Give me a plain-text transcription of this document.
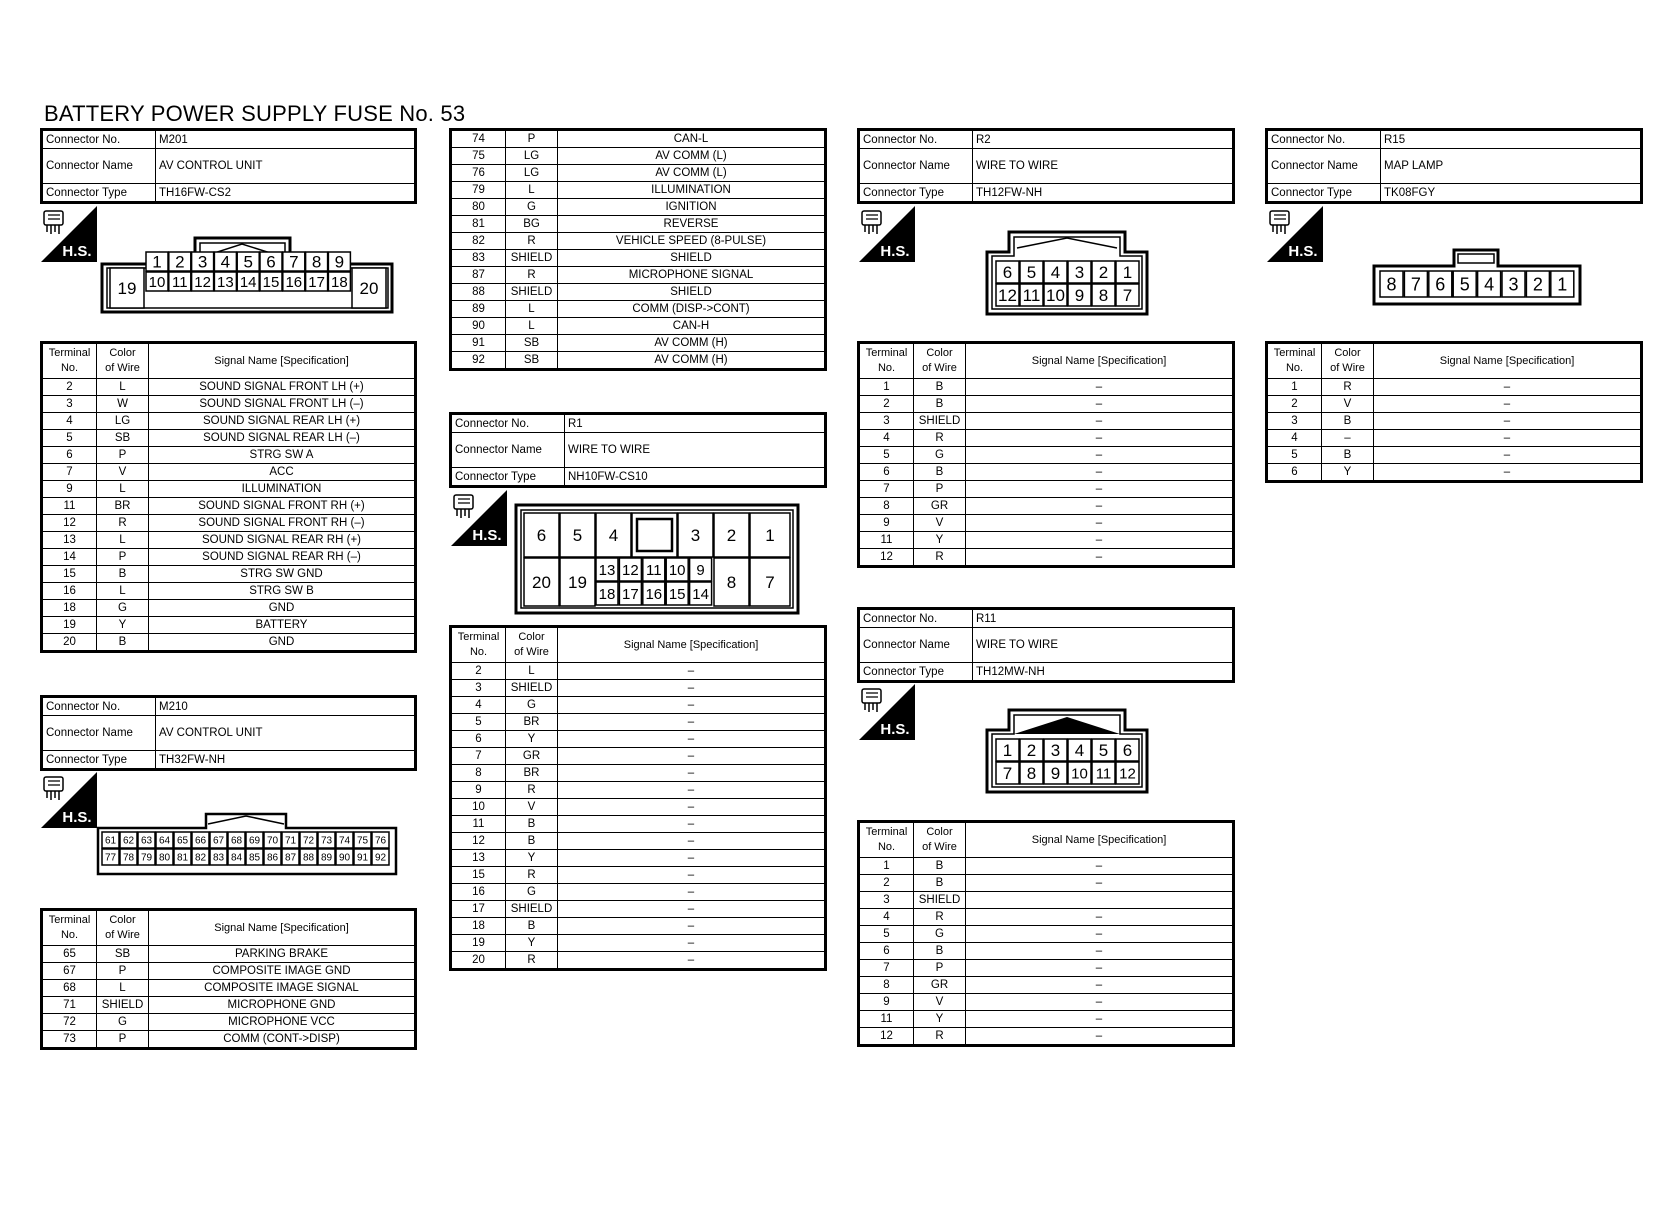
BATTERY POWER SUPPLY FUSE No. 53
Connector No.	M201
Connector Name	AV CONTROL UNIT
Connector Type	TH16FW-CS2
Connector No.	M210
Connector Name	AV CONTROL UNIT
Connector Type	TH32FW-NH
Connector No.	R1
Connector Name	WIRE TO WIRE
Connector Type	NH10FW-CS10
Connector No.	R2
Connector Name	WIRE TO WIRE
Connector Type	TH12FW-NH
Connector No.	R11
Connector Name	WIRE TO WIRE
Connector Type	TH12MW-NH
Connector No.	R15
Connector Name	MAP LAMP
Connector Type	TK08FGY
H.S.
H.S.
H.S.
H.S.
H.S.
H.S.
19	20
1 2 3 4 5 6 7 8 9
10 11 12 13 14 15 16 17 18
61 62 63 64 65 66 67 68 69 70 71 72 73 74 75 76
77 78 79 80 81 82 83 84 85 86 87 88 89 90 91 92
6 5 4	3 2 1
20 19
13 12 11 10 9
18 17 16 15 14
8 7
6 5 4 3 2 1
12 11 10 9 8 7
1 2 3 4 5 6
7 8 9 10 11 12
8 7 6 5 4 3 2 1
Terminal
No.	Color
of Wire	Signal Name [Specification]
2	L	SOUND SIGNAL FRONT LH (+)
3	W	SOUND SIGNAL FRONT LH (–)
4	LG	SOUND SIGNAL REAR LH (+)
5	SB	SOUND SIGNAL REAR LH (–)
6	P	STRG SW A
7	V	ACC
9	L	ILLUMINATION
11	BR	SOUND SIGNAL FRONT RH (+)
12	R	SOUND SIGNAL FRONT RH (–)
13	L	SOUND SIGNAL REAR RH (+)
14	P	SOUND SIGNAL REAR RH (–)
15	B	STRG SW GND
16	L	STRG SW B
18	G	GND
19	Y	BATTERY
20	B	GND
Terminal
No.	Color
of Wire	Signal Name [Specification]
65	SB	PARKING BRAKE
67	P	COMPOSITE IMAGE GND
68	L	COMPOSITE IMAGE SIGNAL
71	SHIELD	MICROPHONE GND
72	G	MICROPHONE VCC
73	P	COMM (CONT->DISP)
74	P	CAN-L
75	LG	AV COMM (L)
76	LG	AV COMM (L)
79	L	ILLUMINATION
80	G	IGNITION
81	BG	REVERSE
82	R	VEHICLE SPEED (8-PULSE)
83	SHIELD	SHIELD
87	R	MICROPHONE SIGNAL
88	SHIELD	SHIELD
89	L	COMM (DISP->CONT)
90	L	CAN-H
91	SB	AV COMM (H)
92	SB	AV COMM (H)
Terminal
No.	Color
of Wire	Signal Name [Specification]
2	L	–
3	SHIELD	–
4	G	–
5	BR	–
6	Y	–
7	GR	–
8	BR	–
9	R	–
10	V	–
11	B	–
12	B	–
13	Y	–
15	R	–
16	G	–
17	SHIELD	–
18	B	–
19	Y	–
20	R	–
Terminal
No.	Color
of Wire	Signal Name [Specification]
1	B	–
2	B	–
3	SHIELD	–
4	R	–
5	G	–
6	B	–
7	P	–
8	GR	–
9	V	–
11	Y	–
12	R	–
Terminal
No.	Color
of Wire	Signal Name [Specification]
1	B	–
2	B	–
3	SHIELD	
4	R	–
5	G	–
6	B	–
7	P	–
8	GR	–
9	V	–
11	Y	–
12	R	–
Terminal
No.	Color
of Wire	Signal Name [Specification]
1	R	–
2	V	–
3	B	–
4	–	–
5	B	–
6	Y	–
